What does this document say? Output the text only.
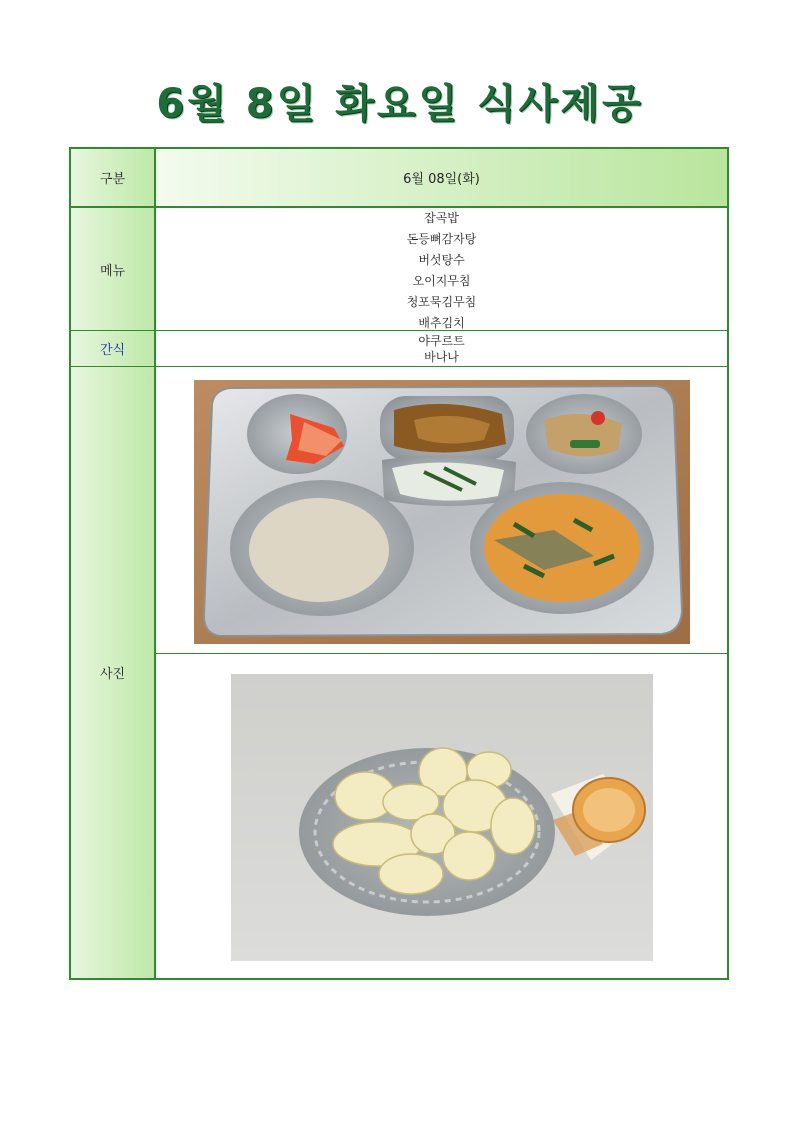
6월 8일 화요일 식사제공
구분	6월 08일(화)
메뉴
잡곡밥
돈등뼈감자탕
버섯탕수
오이지무침
청포묵김무침
배추김치
간식
야쿠르트
바나나
사진
